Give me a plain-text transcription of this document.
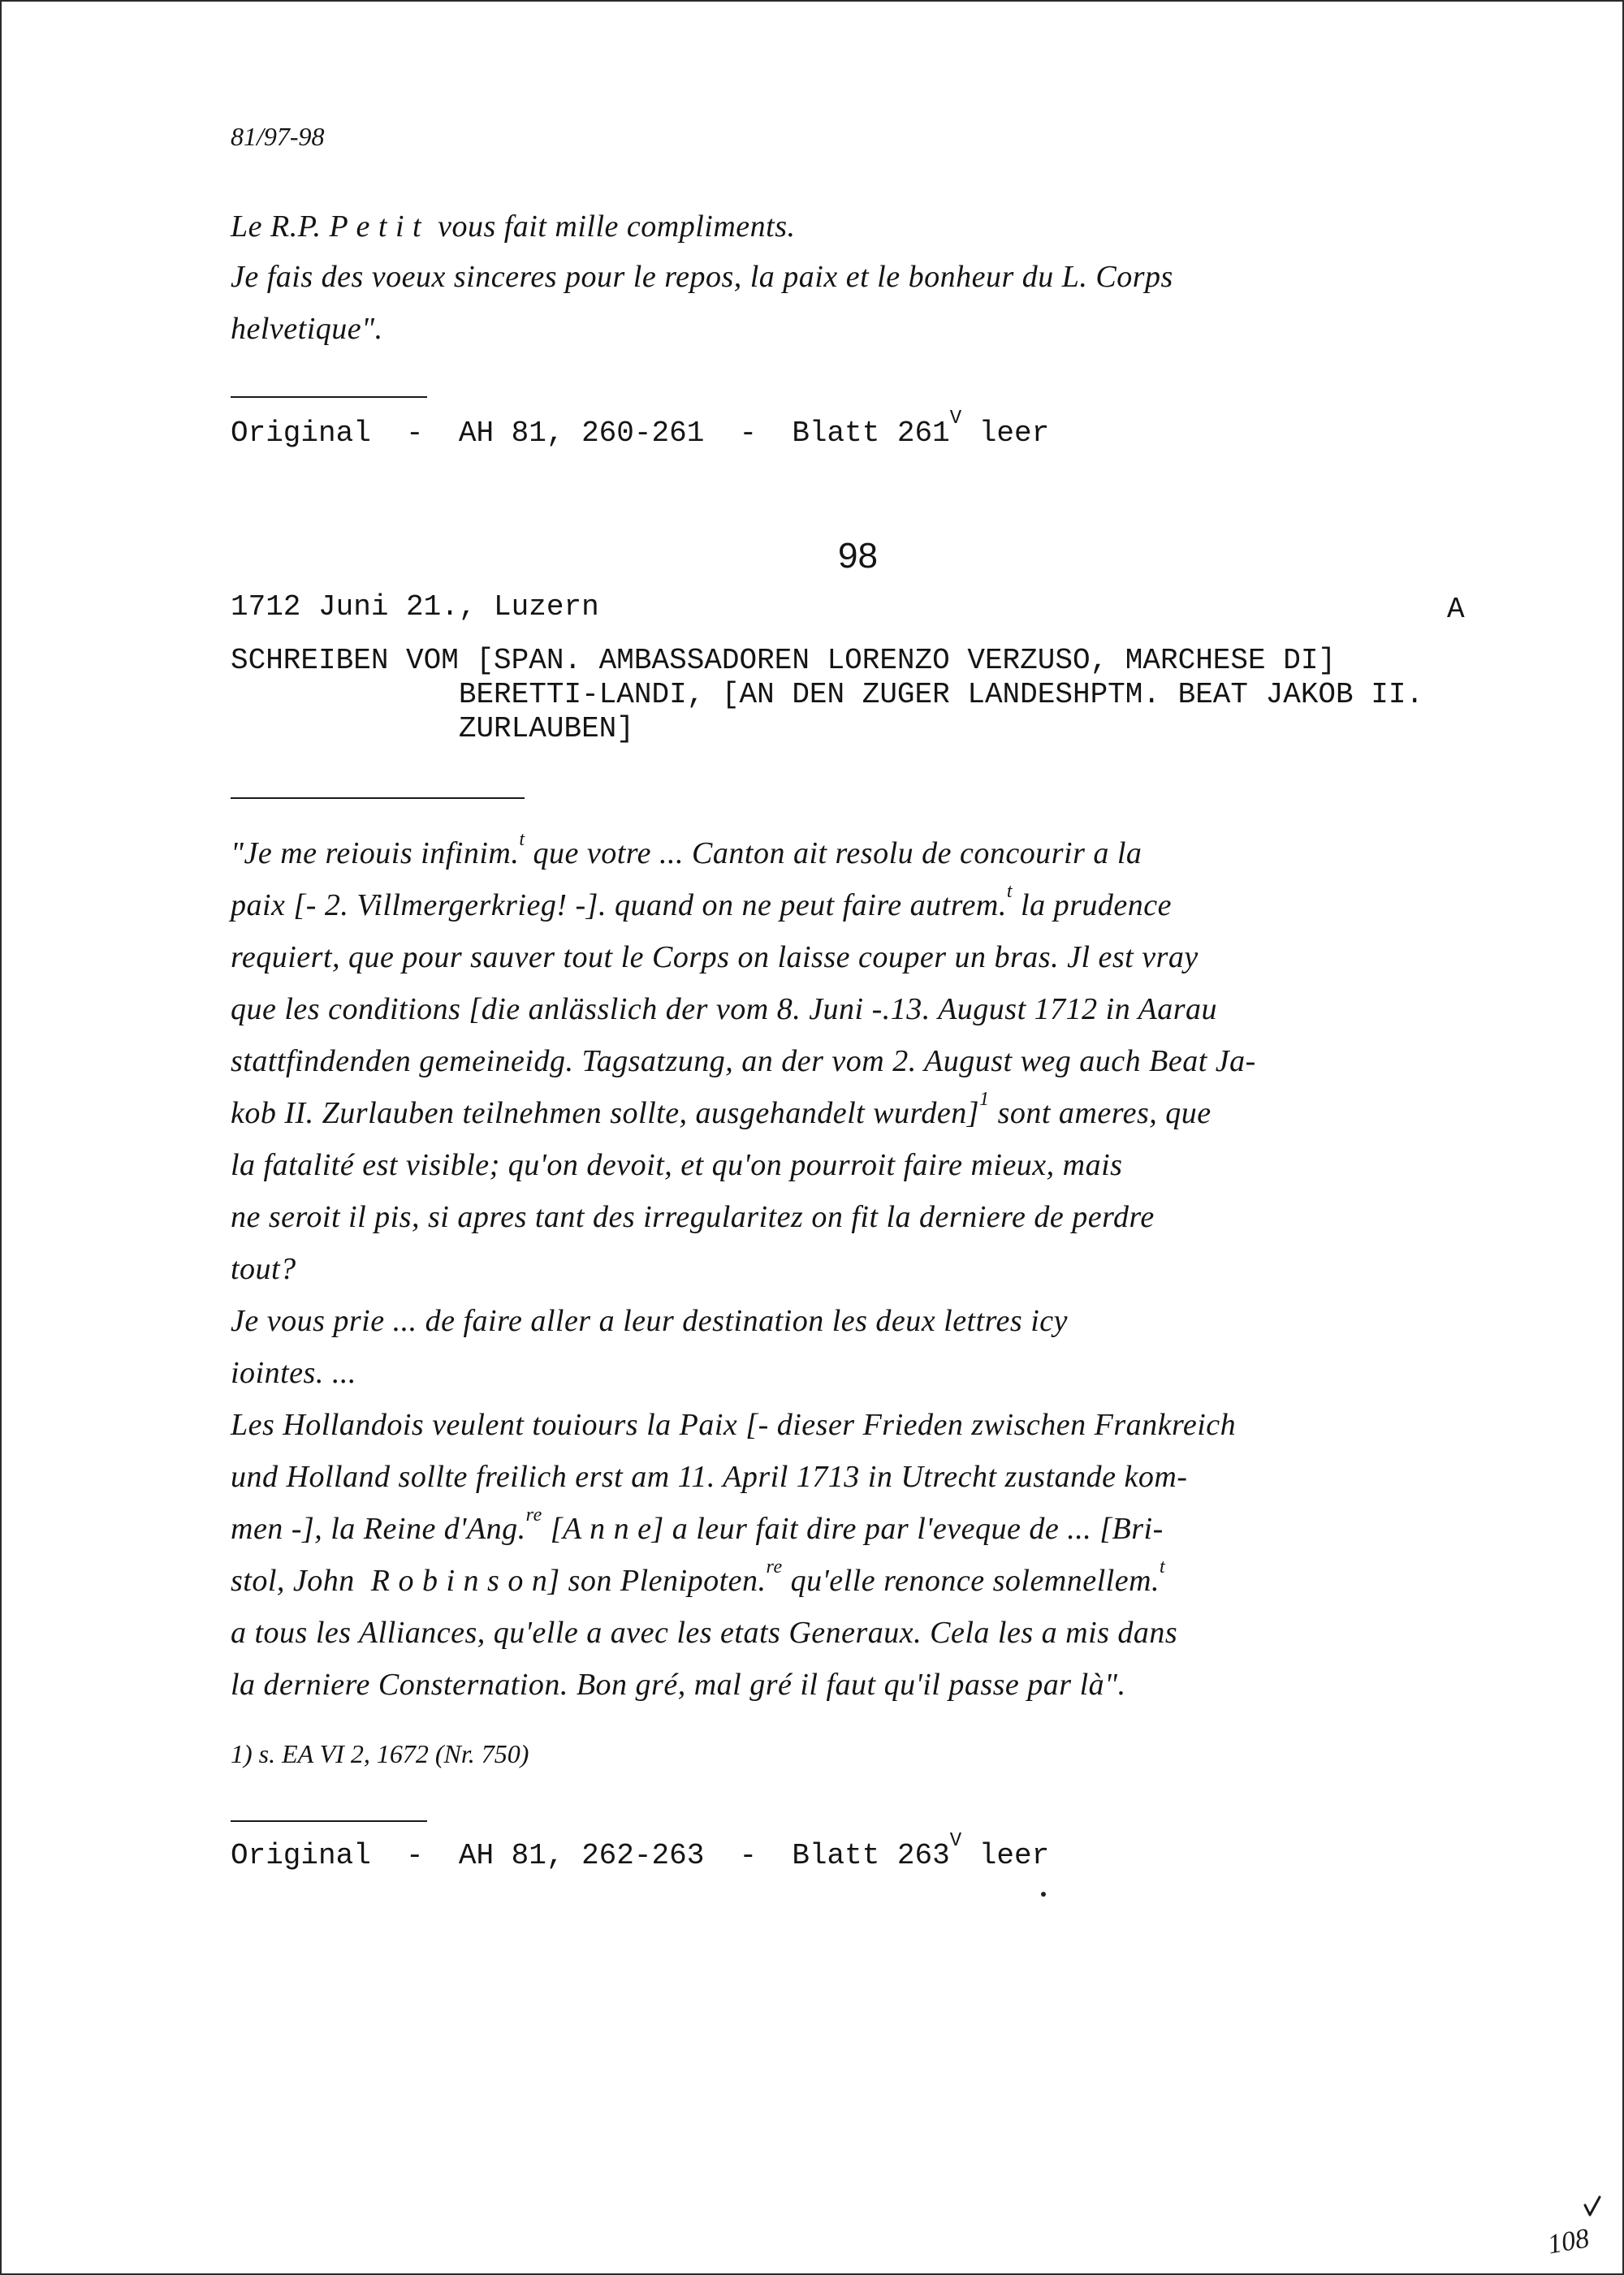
81/97-98
Le R.P. P e t i t  vous fait mille compliments.
Je fais des voeux sinceres pour le repos, la paix et le bonheur du L. Corps
helvetique".
Original  -  AH 81, 260-261  -  Blatt $261^V$ leer
98
1712 Juni 21., Luzern	A
SCHREIBEN VOM [SPAN. AMBASSADOREN LORENZO VERZUSO, MARCHESE DI]
BERETTI-LANDI, [AN DEN ZUGER LANDESHPTM. BEAT JAKOB II.
ZURLAUBEN]
"Je me reiouis infinim.$^t$ que votre ... Canton ait resolu de concourir a la
paix [- 2. Villmergerkrieg! -]. quand on ne peut faire autrem.$^t$ la prudence
requiert, que pour sauver tout le Corps on laisse couper un bras. Jl est vray
que les conditions [die anlässlich der vom 8. Juni -.13. August 1712 in Aarau
stattfindenden gemeineidg. Tagsatzung, an der vom 2. August weg auch Beat Ja-
kob II. Zurlauben teilnehmen sollte, ausgehandelt wurden]$^1$ sont ameres, que
la fatalité est visible; qu'on devoit, et qu'on pourroit faire mieux, mais
ne seroit il pis, si apres tant des irregularitez on fit la derniere de perdre
tout?
Je vous prie ... de faire aller a leur destination les deux lettres icy
iointes. ...
Les Hollandois veulent touiours la Paix [- dieser Frieden zwischen Frankreich
und Holland sollte freilich erst am 11. April 1713 in Utrecht zustande kom-
men -], la Reine d'Ang.$^{re}$ [A n n e] a leur fait dire par l'eveque de ... [Bri-
stol, John  R o b i n s o n] son Plenipoten.$^{re}$ qu'elle renonce solemnellem.$^t$
a tous les Alliances, qu'elle a avec les etats Generaux. Cela les a mis dans
la derniere Consternation. Bon gré, mal gré il faut qu'il passe par là".
1) s. EA VI 2, 1672 (Nr. 750)
Original  -  AH 81, 262-263  -  Blatt $263^V$ leer
108
